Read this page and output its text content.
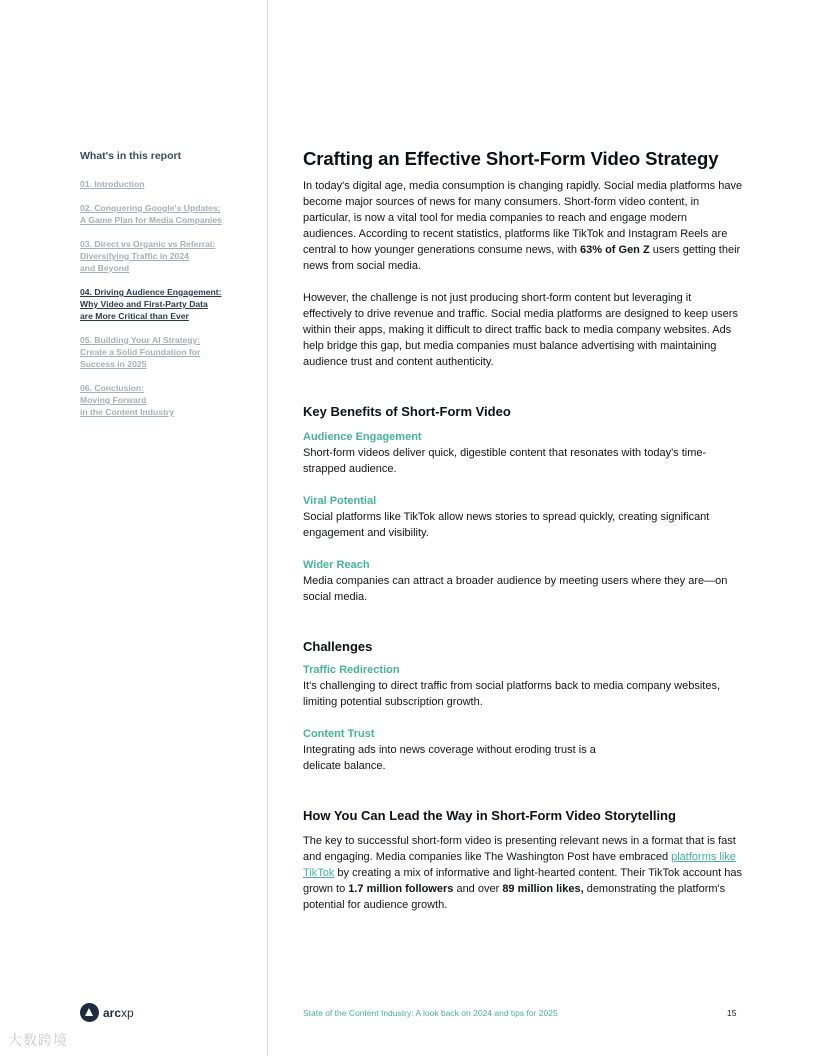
What's in this report
01. Introduction
02. Conquering Google's Updates:
A Game Plan for Media Companies
03. Direct vs Organic vs Referral:
Diversifying Traffic in 2024
and Beyond
04. Driving Audience Engagement:
Why Video and First-Party Data
are More Critical than Ever
05. Building Your AI Strategy:
Create a Solid Foundation for
Success in 2025
06. Conclusion:
Moving Forward
in the Content Industry
Crafting an Effective Short-Form Video Strategy

In today's digital age, media consumption is changing rapidly. Social media platforms have become major sources of news for many consumers. Short-form video content, in particular, is now a vital tool for media companies to reach and engage modern audiences. According to recent statistics, platforms like TikTok and Instagram Reels are central to how younger generations consume news, with 63% of Gen Z users getting their news from social media.

However, the challenge is not just producing short-form content but leveraging it effectively to drive revenue and traffic. Social media platforms are designed to keep users within their apps, making it difficult to direct traffic back to media company websites. Ads help bridge this gap, but media companies must balance advertising with maintaining audience trust and content authenticity.

Key Benefits of Short-Form Video
Audience Engagement

Short-form videos deliver quick, digestible content that resonates with today's time-strapped audience.

Viral Potential

Social platforms like TikTok allow news stories to spread quickly, creating significant engagement and visibility.

Wider Reach

Media companies can attract a broader audience by meeting users where they are—on social media.

Challenges
Traffic Redirection

It's challenging to direct traffic from social platforms back to media company websites, limiting potential subscription growth.

Content Trust

Integrating ads into news coverage without eroding trust is a delicate balance.

How You Can Lead the Way in Short-Form Video Storytelling

The key to successful short-form video is presenting relevant news in a format that is fast and engaging. Media companies like The Washington Post have embraced platforms like TikTok by creating a mix of informative and light-hearted content. Their TikTok account has grown to 1.7 million followers and over 89 million likes, demonstrating the platform's potential for audience growth.

arcxp	State of the Content Industry: A look back on 2024 and tips for 2025	15
大数跨境
